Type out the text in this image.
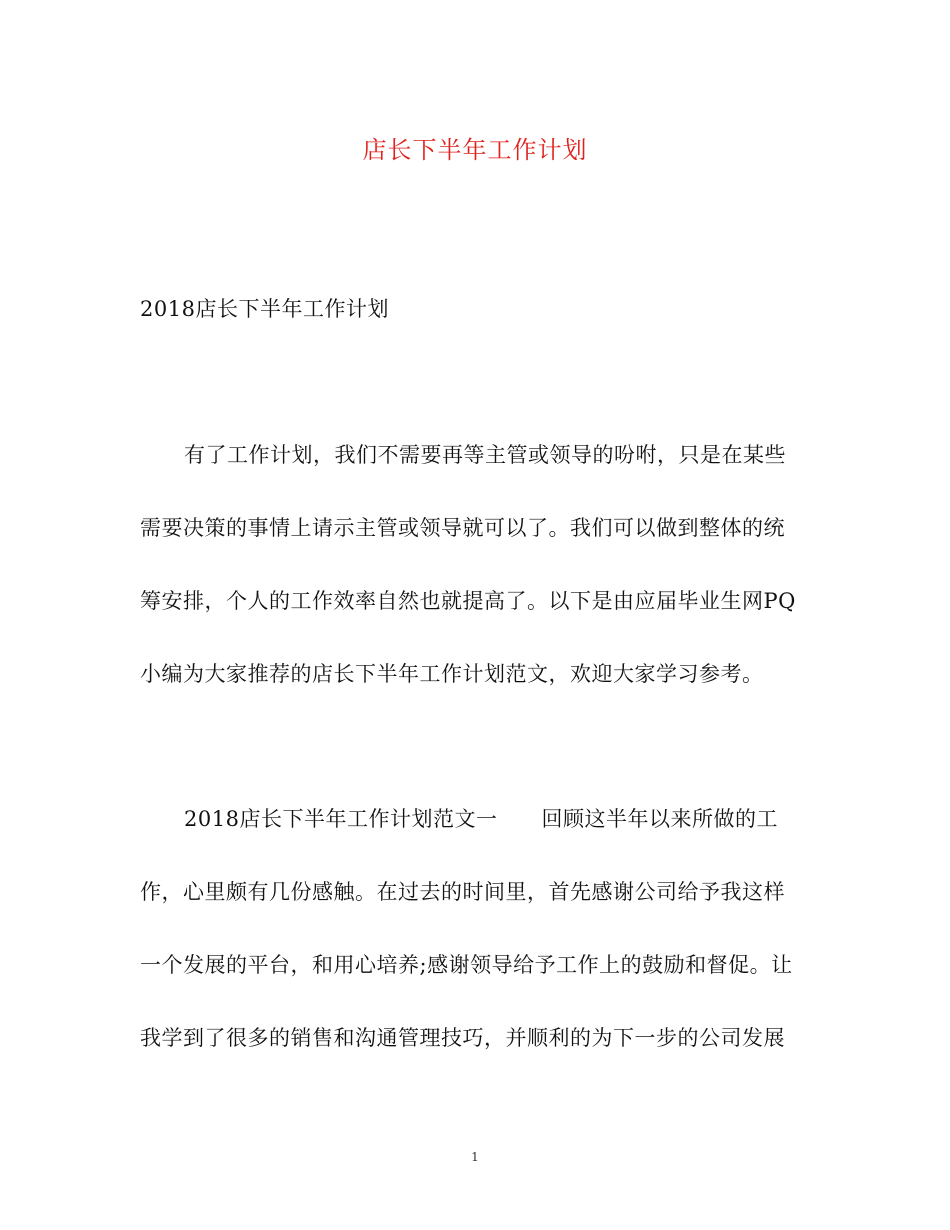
店长下半年工作计划
2018店长下半年工作计划
有了工作计划，我们不需要再等主管或领导的吩咐，只是在某些
需要决策的事情上请示主管或领导就可以了。我们可以做到整体的统
筹安排，个人的工作效率自然也就提高了。以下是由应届毕业生网PQ
小编为大家推荐的店长下半年工作计划范文，欢迎大家学习参考。
2018店长下半年工作计划范文一 回顾这半年以来所做的工
作，心里颇有几份感触。在过去的时间里，首先感谢公司给予我这样
一个发展的平台，和用心培养;感谢领导给予工作上的鼓励和督促。让
我学到了很多的销售和沟通管理技巧，并顺利的为下一步的公司发展
1
